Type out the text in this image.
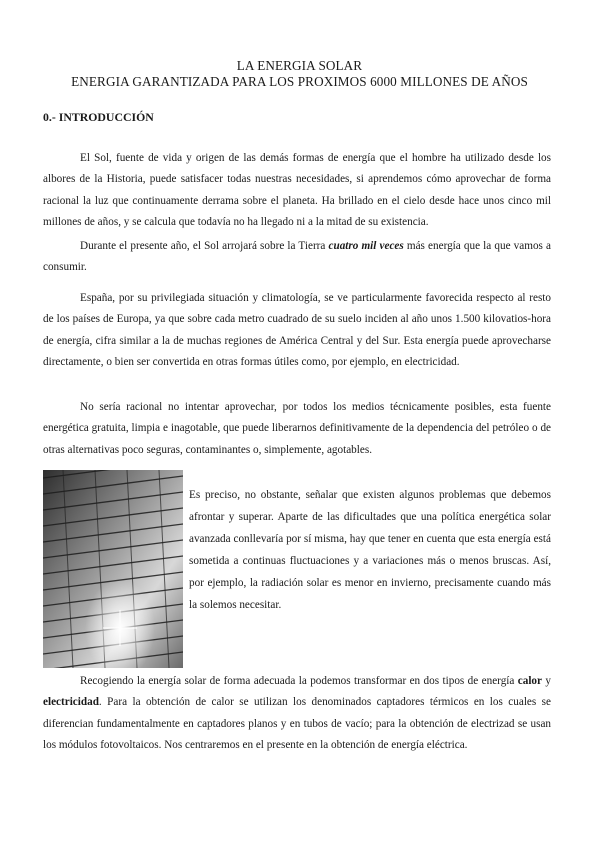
LA ENERGIA SOLAR
ENERGIA GARANTIZADA PARA LOS PROXIMOS 6000 MILLONES DE AÑOS
0.- INTRODUCCIÓN

El Sol, fuente de vida y origen de las demás formas de energía que el hombre ha utilizado desde los albores de la Historia, puede satisfacer todas nuestras necesidades, si aprendemos cómo aprovechar de forma racional la luz que continuamente derrama sobre el planeta. Ha brillado en el cielo desde hace unos cinco mil millones de años, y se calcula que todavía no ha llegado ni a la mitad de su existencia.

Durante el presente año, el Sol arrojará sobre la Tierra cuatro mil veces más energía que la que vamos a consumir.

España, por su privilegiada situación y climatología, se ve particularmente favorecida respecto al resto de los países de Europa, ya que sobre cada metro cuadrado de su suelo inciden al año unos 1.500 kilovatios-hora de energía, cifra similar a la de muchas regiones de América Central y del Sur. Esta energía puede aprovecharse directamente, o bien ser convertida en otras formas útiles como, por ejemplo, en electricidad.

No sería racional no intentar aprovechar, por todos los medios técnicamente posibles, esta fuente energética gratuita, limpia e inagotable, que puede liberarnos definitivamente de la dependencia del petróleo o de otras alternativas poco seguras, contaminantes o, simplemente, agotables.

Es preciso, no obstante, señalar que existen algunos problemas que debemos afrontar y superar. Aparte de las dificultades que una política energética solar avanzada conllevaría por sí misma, hay que tener en cuenta que esta energía está sometida a continuas fluctuaciones y a variaciones más o menos bruscas. Así, por ejemplo, la radiación solar es menor en invierno, precisamente cuando más la solemos necesitar.

Recogiendo la energía solar de forma adecuada la podemos transformar en dos tipos de energía calor y electricidad. Para la obtención de calor se utilizan los denominados captadores térmicos en los cuales se diferencian fundamentalmente en captadores planos y en tubos de vacío; para la obtención de electrizad se usan los módulos fotovoltaicos. Nos centraremos en el presente en la obtención de energía eléctrica.
